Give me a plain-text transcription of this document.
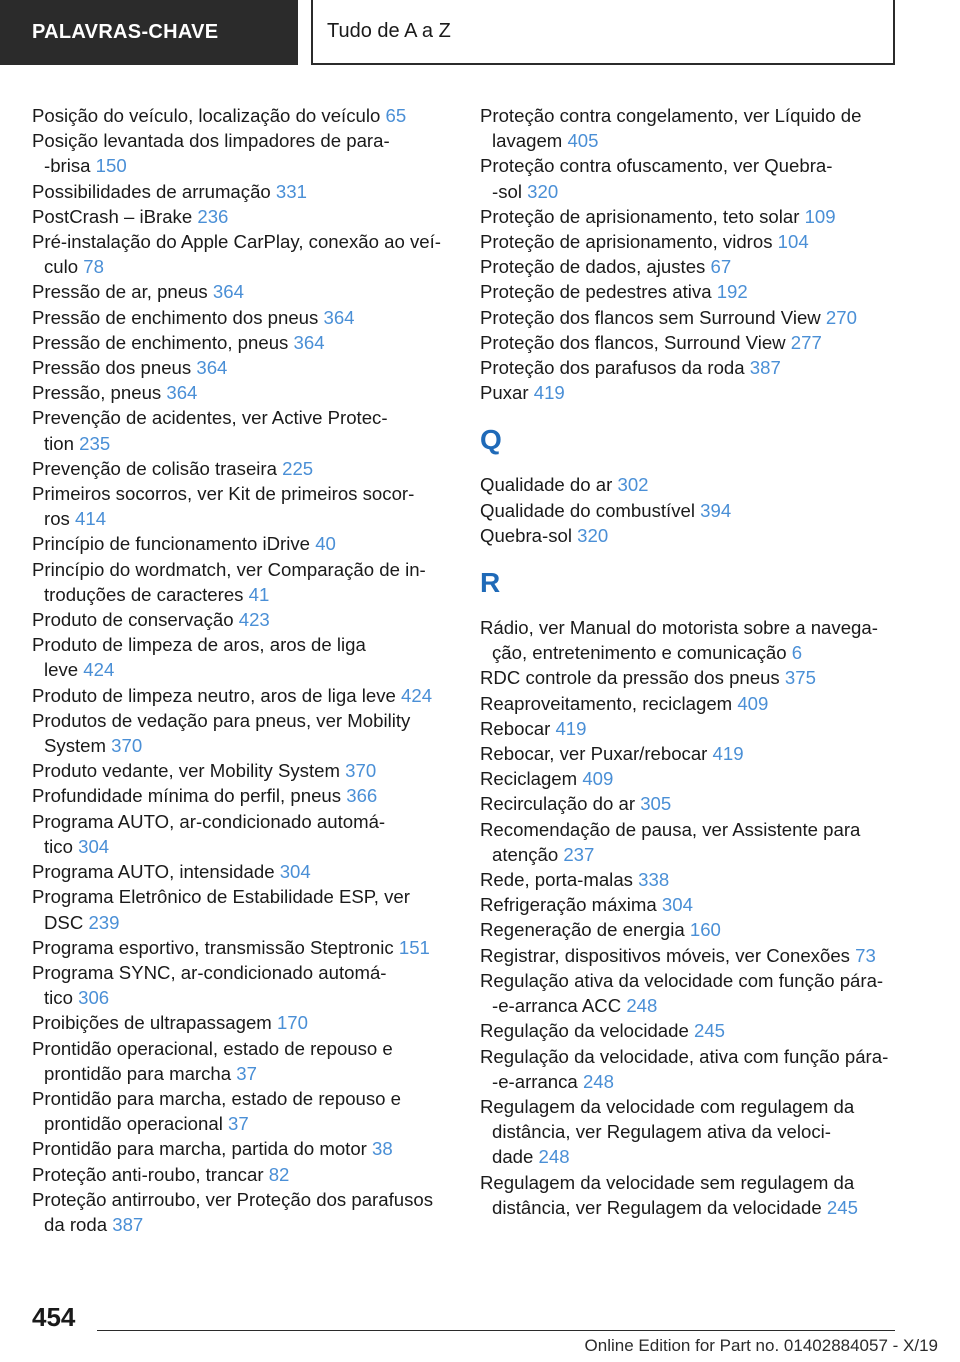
PALAVRAS-CHAVE	Tudo de A a Z
Posição do veículo, localização do veículo 65
Posição levantada dos limpadores de para-
-brisa 150
Possibilidades de arrumação 331
PostCrash – iBrake 236
Pré-instalação do Apple CarPlay, conexão ao veí-
culo 78
Pressão de ar, pneus 364
Pressão de enchimento dos pneus 364
Pressão de enchimento, pneus 364
Pressão dos pneus 364
Pressão, pneus 364
Prevenção de acidentes, ver Active Protec-
tion 235
Prevenção de colisão traseira 225
Primeiros socorros, ver Kit de primeiros socor-
ros 414
Princípio de funcionamento iDrive 40
Princípio do wordmatch, ver Comparação de in-
troduções de caracteres 41
Produto de conservação 423
Produto de limpeza de aros, aros de liga
leve 424
Produto de limpeza neutro, aros de liga leve 424
Produtos de vedação para pneus, ver Mobility
System 370
Produto vedante, ver Mobility System 370
Profundidade mínima do perfil, pneus 366
Programa AUTO, ar-condicionado automá-
tico 304
Programa AUTO, intensidade 304
Programa Eletrônico de Estabilidade ESP, ver
DSC 239
Programa esportivo, transmissão Steptronic 151
Programa SYNC, ar-condicionado automá-
tico 306
Proibições de ultrapassagem 170
Prontidão operacional, estado de repouso e
prontidão para marcha 37
Prontidão para marcha, estado de repouso e
prontidão operacional 37
Prontidão para marcha, partida do motor 38
Proteção anti-roubo, trancar 82
Proteção antirroubo, ver Proteção dos parafusos
da roda 387
Proteção contra congelamento, ver Líquido de
lavagem 405
Proteção contra ofuscamento, ver Quebra-
-sol 320
Proteção de aprisionamento, teto solar 109
Proteção de aprisionamento, vidros 104
Proteção de dados, ajustes 67
Proteção de pedestres ativa 192
Proteção dos flancos sem Surround View 270
Proteção dos flancos, Surround View 277
Proteção dos parafusos da roda 387
Puxar 419
Q
Qualidade do ar 302
Qualidade do combustível 394
Quebra-sol 320
R
Rádio, ver Manual do motorista sobre a navega-
ção, entretenimento e comunicação 6
RDC controle da pressão dos pneus 375
Reaproveitamento, reciclagem 409
Rebocar 419
Rebocar, ver Puxar/rebocar 419
Reciclagem 409
Recirculação do ar 305
Recomendação de pausa, ver Assistente para
atenção 237
Rede, porta-malas 338
Refrigeração máxima 304
Regeneração de energia 160
Registrar, dispositivos móveis, ver Conexões 73
Regulação ativa da velocidade com função pára-
-e-arranca ACC 248
Regulação da velocidade 245
Regulação da velocidade, ativa com função pára-
-e-arranca 248
Regulagem da velocidade com regulagem da
distância, ver Regulagem ativa da veloci-
dade 248
Regulagem da velocidade sem regulagem da
distância, ver Regulagem da velocidade 245
454
Online Edition for Part no. 01402884057 - X/19
